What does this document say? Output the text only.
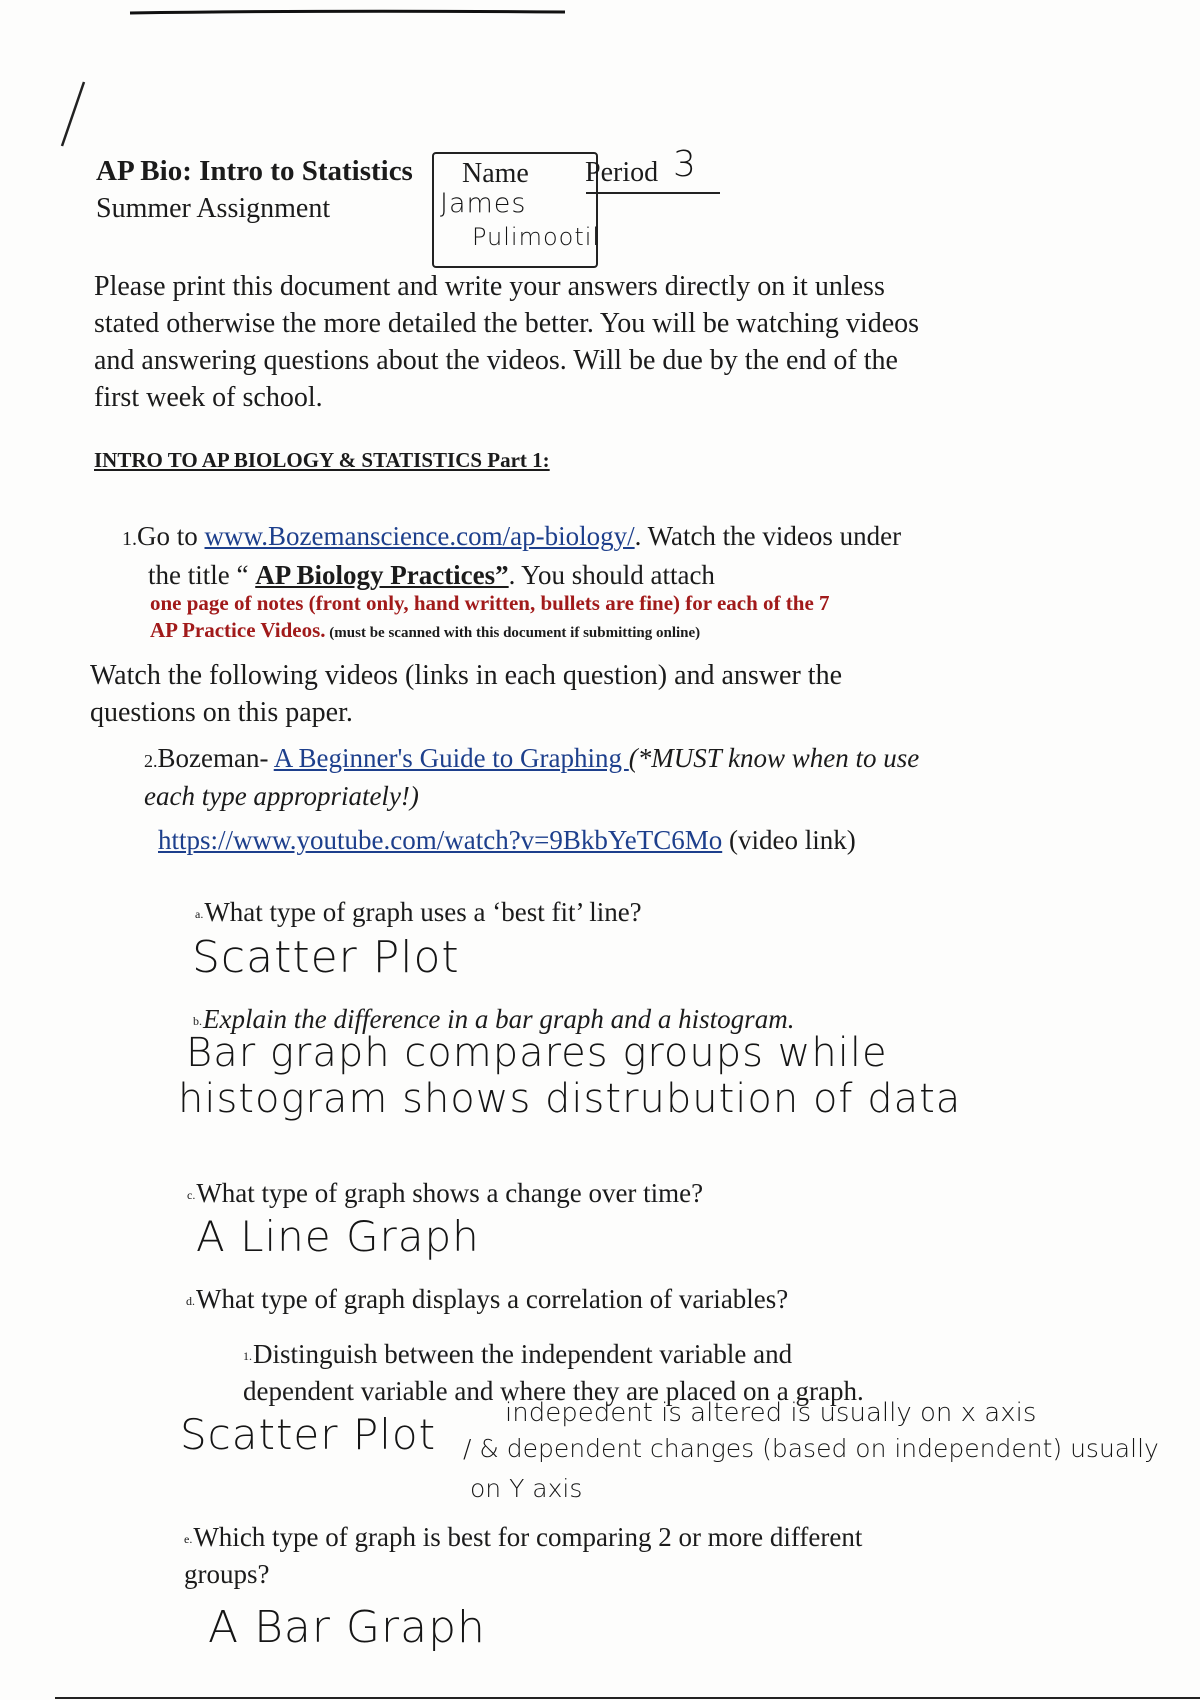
AP Bio: Intro to Statistics
Summer Assignment
Name
James
Pulimootil
Period 3
Please print this document and write your answers directly on it unless stated otherwise the more detailed the better. You will be watching videos and answering questions about the videos. Will be due by the end of the first week of school.
INTRO TO AP BIOLOGY & STATISTICS Part 1:
1.Go to www.Bozemanscience.com/ap-biology/. Watch the videos under
the title “ AP Biology Practices”. You should attach
one page of notes (front only, hand written, bullets are fine) for each of the 7
AP Practice Videos. (must be scanned with this document if submitting online)
Watch the following videos (links in each question) and answer the questions on this paper.
2.Bozeman- A Beginner's Guide to Graphing (*MUST know when to use each type appropriately!)
https://www.youtube.com/watch?v=9BkbYeTC6Mo (video link)
$^{a.}$What type of graph uses a ‘best fit’ line?
Scatter Plot
$^{b.}$Explain the difference in a bar graph and a histogram.
Bar graph compares groups while
histogram shows distrubution of data
$^{c.}$What type of graph shows a change over time?
A Line Graph
$^{d.}$What type of graph displays a correlation of variables?
$^{1.}$Distinguish between the independent variable and
dependent variable and where they are placed on a graph.
Scatter Plot	indepedent is altered is usually on x axis
/ & dependent changes (based on independent) usually
on Y axis
$^{e.}$Which type of graph is best for comparing 2 or more different groups?
A Bar Graph
